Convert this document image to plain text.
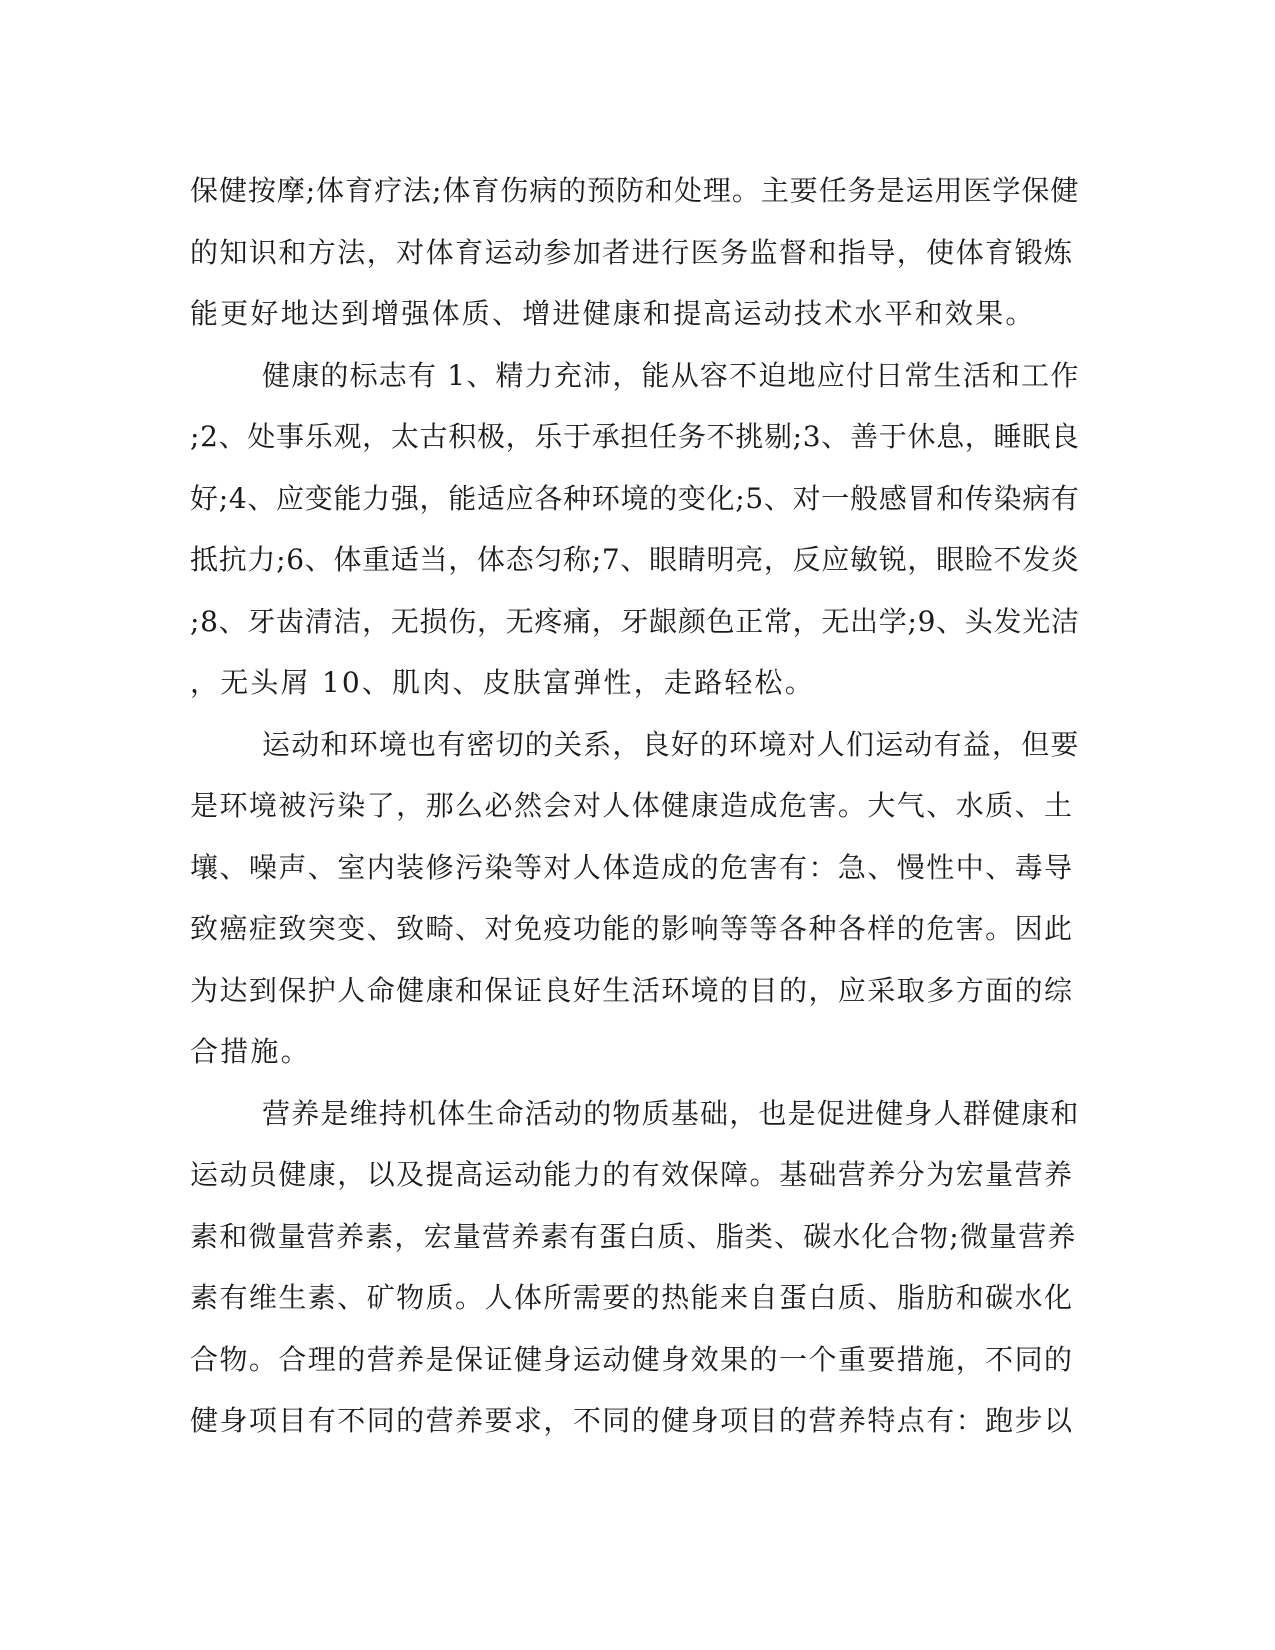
保健按摩;体育疗法;体育伤病的预防和处理。主要任务是运用医学保健
的知识和方法，对体育运动参加者进行医务监督和指导，使体育锻炼
能更好地达到增强体质、增进健康和提高运动技术水平和效果。
健康的标志有 1、精力充沛，能从容不迫地应付日常生活和工作
;2、处事乐观，太古积极，乐于承担任务不挑剔;3、善于休息，睡眠良
好;4、应变能力强，能适应各种环境的变化;5、对一般感冒和传染病有
抵抗力;6、体重适当，体态匀称;7、眼睛明亮，反应敏锐，眼睑不发炎
;8、牙齿清洁，无损伤，无疼痛，牙龈颜色正常，无出学;9、头发光洁
，无头屑 10、肌肉、皮肤富弹性，走路轻松。
运动和环境也有密切的关系，良好的环境对人们运动有益，但要
是环境被污染了，那么必然会对人体健康造成危害。大气、水质、土
壤、噪声、室内装修污染等对人体造成的危害有：急、慢性中、毒导
致癌症致突变、致畸、对免疫功能的影响等等各种各样的危害。因此
为达到保护人命健康和保证良好生活环境的目的，应采取多方面的综
合措施。
营养是维持机体生命活动的物质基础，也是促进健身人群健康和
运动员健康，以及提高运动能力的有效保障。基础营养分为宏量营养
素和微量营养素，宏量营养素有蛋白质、脂类、碳水化合物;微量营养
素有维生素、矿物质。人体所需要的热能来自蛋白质、脂肪和碳水化
合物。合理的营养是保证健身运动健身效果的一个重要措施，不同的
健身项目有不同的营养要求，不同的健身项目的营养特点有：跑步以
